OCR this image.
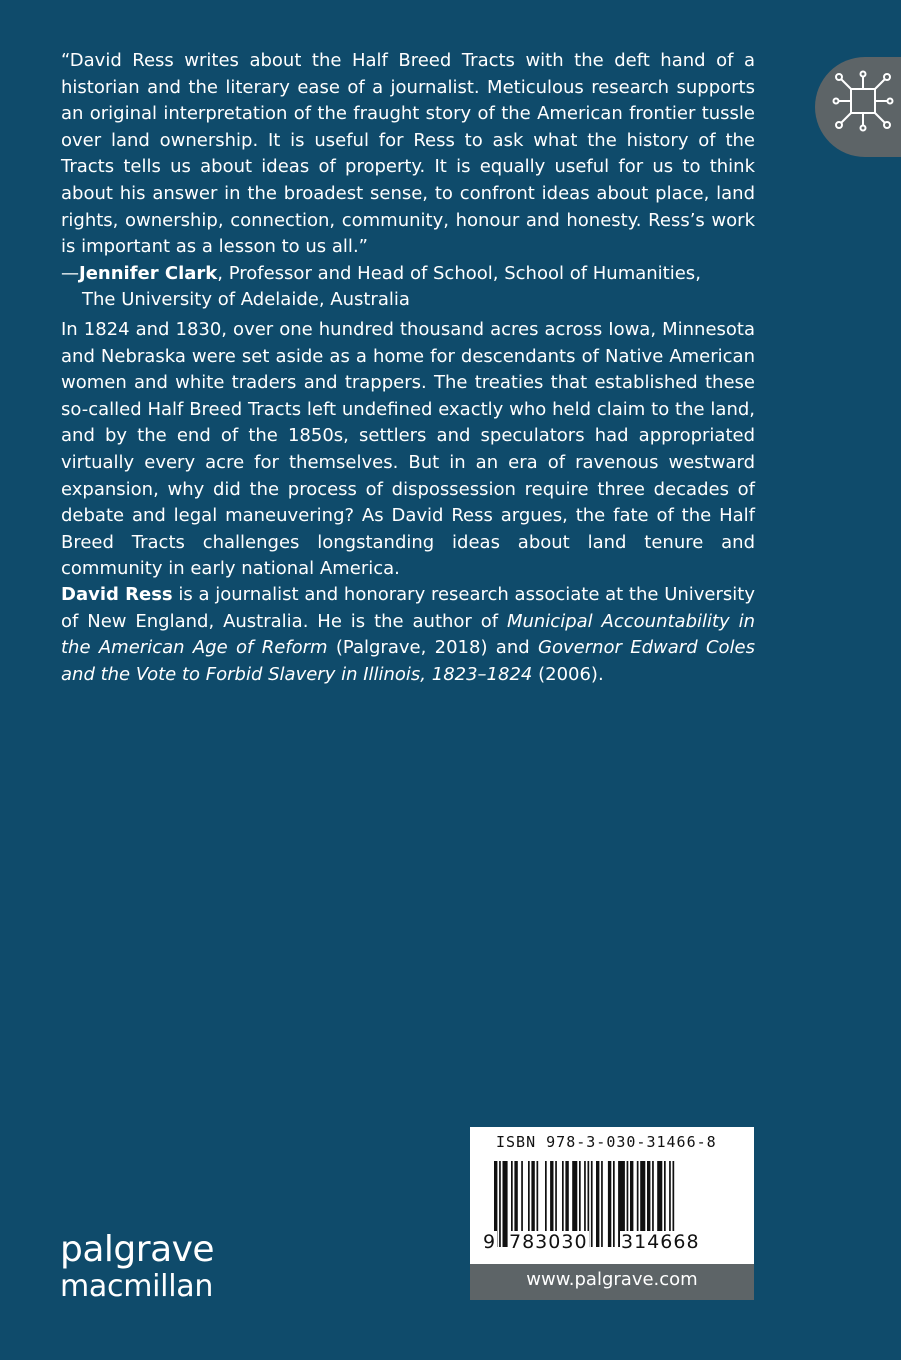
“David Ress writes about the Half Breed Tracts with the deft hand of a historian and the literary ease of a journalist. Meticulous research supports an original interpretation of the fraught story of the American frontier tussle over land ownership. It is useful for Ress to ask what the history of the Tracts tells us about ideas of property. It is equally useful for us to think about his answer in the broadest sense, to confront ideas about place, land rights, ownership, connection, community, honour and honesty. Ress’s work is important as a lesson to us all.”
—Jennifer Clark, Professor and Head of School, School of Humanities,
The University of Adelaide, Australia
In 1824 and 1830, over one hundred thousand acres across Iowa, Minnesota and Nebraska were set aside as a home for descendants of Native American women and white traders and trappers. The treaties that established these so-called Half Breed Tracts left undefined exactly who held claim to the land, and by the end of the 1850s, settlers and speculators had appropriated virtually every acre for themselves. But in an era of ravenous westward expansion, why did the process of dispossession require three decades of debate and legal maneuvering? As David Ress argues, the fate of the Half Breed Tracts challenges longstanding ideas about land tenure and community in early national America.
David Ress is a journalist and honorary research associate at the University of New England, Australia. He is the author of Municipal Accountability in the American Age of Reform (Palgrave, 2018) and Governor Edward Coles and the Vote to Forbid Slavery in Illinois, 1823–1824 (2006).
palgrave
macmillan
ISBN 978-3-030-31466-8
9 783030 314668
www.palgrave.com
